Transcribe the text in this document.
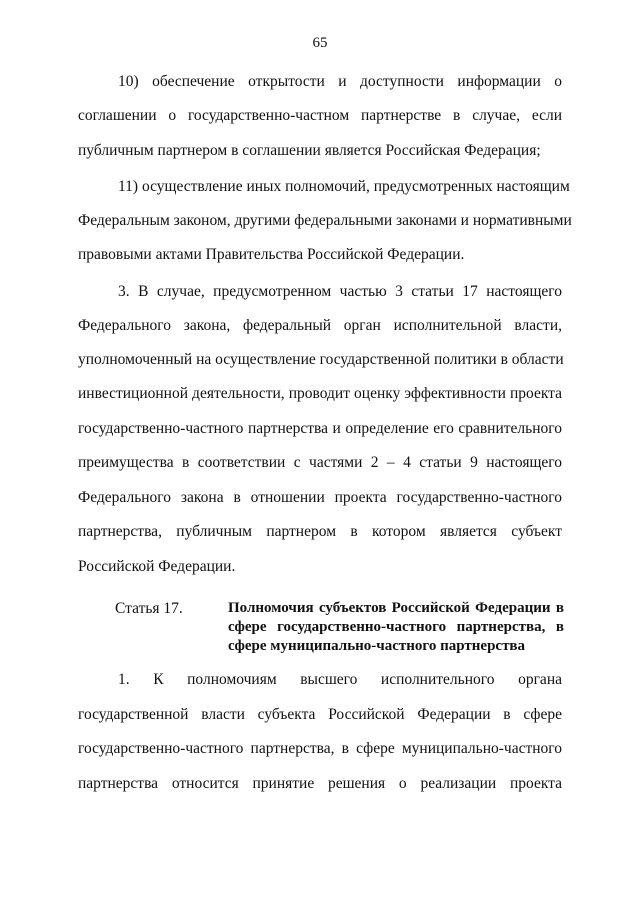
65
10) обеспечение открытости и доступности информации о
соглашении о государственно-частном партнерстве в случае, если
публичным партнером в соглашении является Российская Федерация;
11) осуществление иных полномочий, предусмотренных настоящим
Федеральным законом, другими федеральными законами и нормативными
правовыми актами Правительства Российской Федерации.
3. В случае, предусмотренном частью 3 статьи 17 настоящего
Федерального закона, федеральный орган исполнительной власти,
уполномоченный на осуществление государственной политики в области
инвестиционной деятельности, проводит оценку эффективности проекта
государственно-частного партнерства и определение его сравнительного
преимущества в соответствии с частями 2 – 4 статьи 9 настоящего
Федерального закона в отношении проекта государственно-частного
партнерства, публичным партнером в котором является субъект
Российской Федерации.
Статья 17.	Полномочия субъектов Российской Федерации в
сфере государственно-частного партнерства, в
сфере муниципально-частного партнерства
1. К полномочиям высшего исполнительного органа
государственной власти субъекта Российской Федерации в сфере
государственно-частного партнерства, в сфере муниципально-частного
партнерства относится принятие решения о реализации проекта
